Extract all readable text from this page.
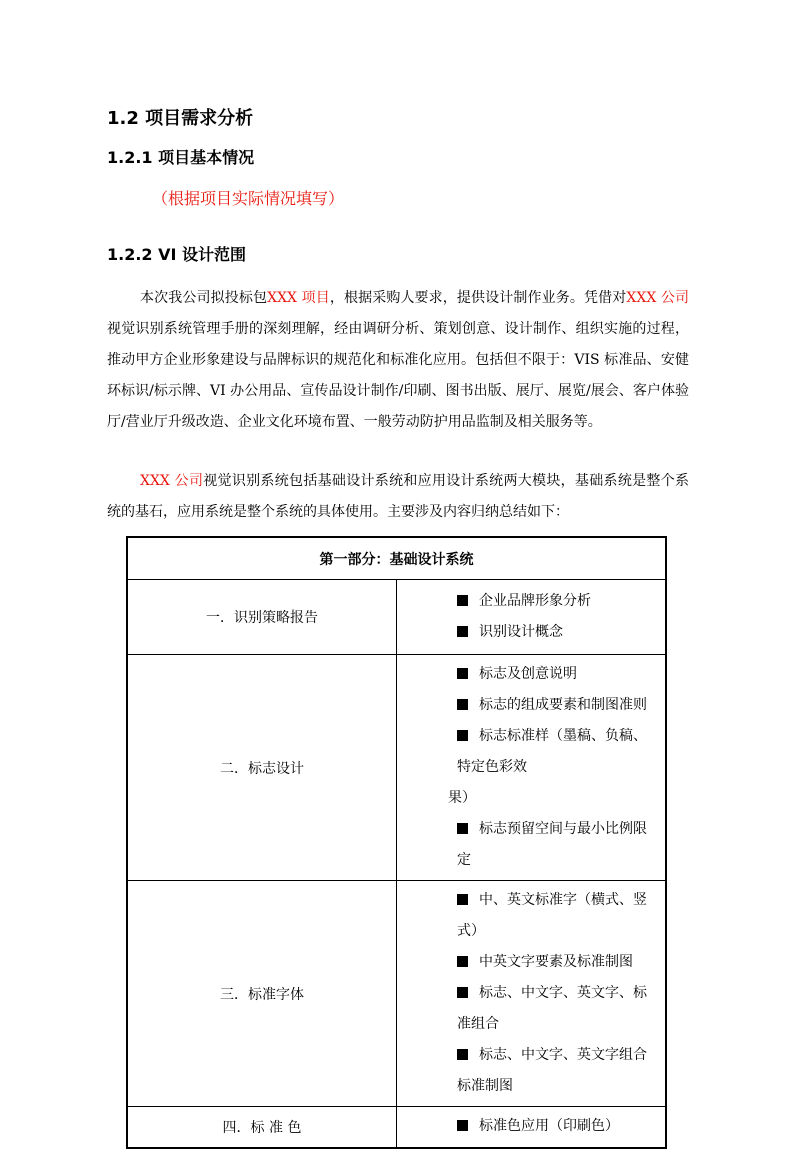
1.2 项目需求分析
1.2.1 项目基本情况
（根据项目实际情况填写）
1.2.2 VI 设计范围
本次我公司拟投标包XXX 项目，根据采购人要求，提供设计制作业务。凭借对XXX 公司视觉识别系统管理手册的深刻理解，经由调研分析、策划创意、设计制作、组织实施的过程，推动甲方企业形象建设与品牌标识的规范化和标准化应用。包括但不限于：VIS 标准品、安健环标识/标示牌、VI 办公用品、宣传品设计制作/印刷、图书出版、展厅、展览/展会、客户体验厅/营业厅升级改造、企业文化环境布置、一般劳动防护用品监制及相关服务等。
XXX 公司视觉识别系统包括基础设计系统和应用设计系统两大模块，基础系统是整个系统的基石，应用系统是整个系统的具体使用。主要涉及内容归纳总结如下：
第一部分：基础设计系统	
一．识别策略报告	企业品牌形象分析
识别设计概念

二．标志设计	标志及创意说明
标志的组成要素和制图准则
标志标准样（墨稿、负稿、特定色彩效
果）
标志预留空间与最小比例限定

三．标准字体	中、英文标准字（横式、竖式）
中英文字要素及标准制图
标志、中文字、英文字、标准组合
标志、中文字、英文字组合标准制图

四．标 准 色	标准色应用（印刷色）
